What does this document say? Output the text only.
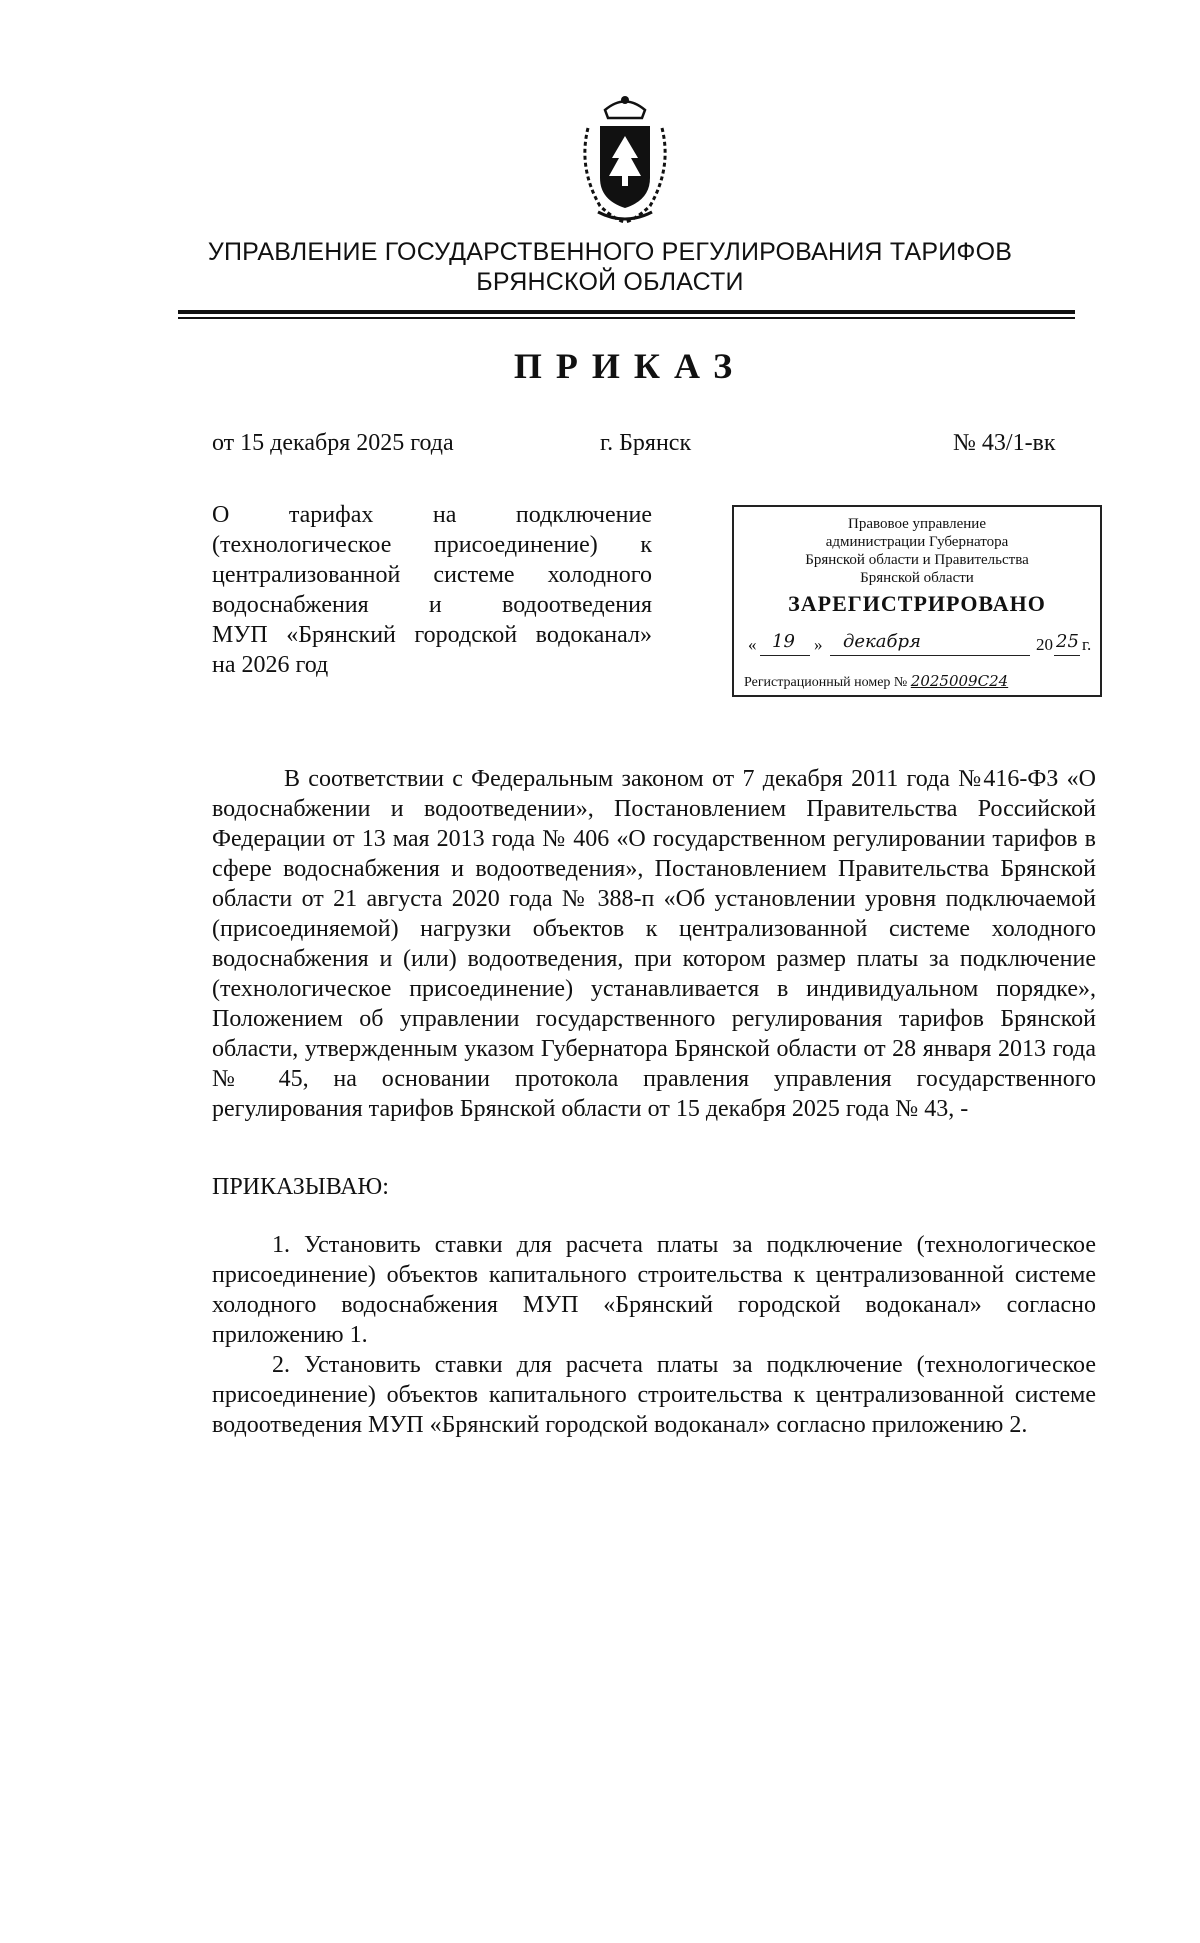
УПРАВЛЕНИЕ ГОСУДАРСТВЕННОГО РЕГУЛИРОВАНИЯ ТАРИФОВ
БРЯНСКОЙ ОБЛАСТИ
ПРИКАЗ
от 15 декабря 2025 года	г. Брянск	№ 43/1-вк
О тарифах на подключение
(технологическое присоединение) к
централизованной системе холодного
водоснабжения и водоотведения
МУП «Брянский городской водоканал»
на 2026 год
Правовое управление
администрации Губернатора
Брянской области и Правительства
Брянской области
ЗАРЕГИСТРИРОВАНО
« 19 » декабря	20 25 г.
Регистрационный номер № 2025009С24
В соответствии с Федеральным законом от 7 декабря 2011 года №416-ФЗ «О водоснабжении и водоотведении», Постановлением Правительства Российской Федерации от 13 мая 2013 года № 406 «О государственном регулировании тарифов в сфере водоснабжения и водоотведения», Постановлением Правительства Брянской области от 21 августа 2020 года № 388-п «Об установлении уровня подключаемой (присоединяемой) нагрузки объектов к централизованной системе холодного водоснабжения и (или) водоотведения, при котором размер платы за подключение (технологическое присоединение) устанавливается в индивидуальном порядке», Положением об управлении государственного регулирования тарифов Брянской области, утвержденным указом Губернатора Брянской области от 28 января 2013 года № 45, на основании протокола правления управления государственного регулирования тарифов Брянской области от 15 декабря 2025 года № 43, -
ПРИКАЗЫВАЮ:

1. Установить ставки для расчета платы за подключение (технологическое присоединение) объектов капитального строительства к централизованной системе холодного водоснабжения МУП «Брянский городской водоканал» согласно приложению 1.

2. Установить ставки для расчета платы за подключение (технологическое присоединение) объектов капитального строительства к централизованной системе водоотведения МУП «Брянский городской водоканал» согласно приложению 2.
